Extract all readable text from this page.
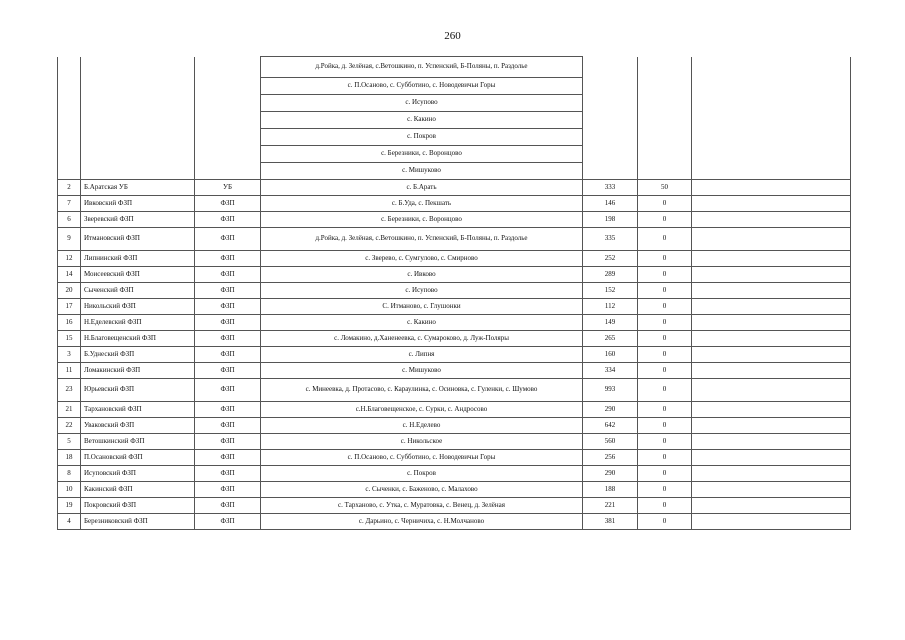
260
			д.Ройка, д. Зелёная, с.Ветошкино, п. Успенский, Б-Поляны, п. Раздолье			
			с. П.Осаново, с. Субботино, с. Новодевичьи Горы			
			с. Исупово			
			с. Какино			
			с. Покров			
			с. Березники, с. Воронцово			
			с. Мишуково			
2	Б.Аратская УБ	УБ	с. Б.Арать	333	50	
7	Ивковский ФЗП	ФЗП	с. Б.Уда, с. Пекшать	146	0	
6	Зверевский ФЗП	ФЗП	с. Березники, с. Воронцово	198	0	
9	Итмановский ФЗП	ФЗП	д.Ройка, д. Зелёная, с.Ветошкино, п. Успенский, Б-Поляны, п. Раздолье	335	0	
12	Липнинский ФЗП	ФЗП	с. Зверево, с. Сумгулово, с. Смирново	252	0	
14	Моисеевский ФЗП	ФЗП	с. Ивково	289	0	
20	Сыченский ФЗП	ФЗП	с. Исупово	152	0	
17	Никольский ФЗП	ФЗП	С. Итманово, с. Глушонки	112	0	
16	Н.Еделевский ФЗП	ФЗП	с. Какино	149	0	
15	Н.Благовещенский ФЗП	ФЗП	с. Ломакино, д.Ханенеевка, с. Сумароково, д. Луж-Поляры	265	0	
3	Б.Уднеский ФЗП	ФЗП	с. Липня	160	0	
11	Ломакинский ФЗП	ФЗП	с. Мишуково	334	0	
23	Юрьевский ФЗП	ФЗП	с. Минеевка, д. Протасово, с. Караулинка, с. Осиновка, с. Гуленки, с. Шумово	993	0	
21	Тархановский ФЗП	ФЗП	с.Н.Благовещенское, с. Сурки, с. Андросово	290	0	
22	Уваковский ФЗП	ФЗП	с. Н.Еделево	642	0	
5	Ветошкинский ФЗП	ФЗП	с. Никольское	560	0	
18	П.Осановский ФЗП	ФЗП	с. П.Осаново, с. Субботино, с. Новодевичьи Горы	256	0	
8	Исуповский ФЗП	ФЗП	с. Покров	290	0	
10	Какинский ФЗП	ФЗП	с. Сыченки, с. Баженово, с. Малахово	188	0	
19	Покровский ФЗП	ФЗП	с. Тарханово, с. Утка, с. Муратовка, с. Венец, д. Зелёная	221	0	
4	Березниковский ФЗП	ФЗП	с. Дарьино, с. Черничиха, с. Н.Молчаново	381	0	
